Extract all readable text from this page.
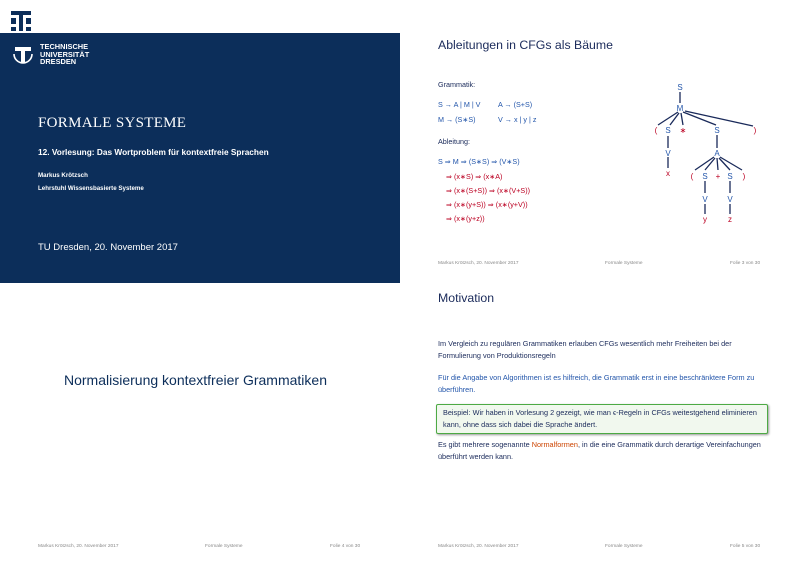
TECHNISCHE
UNIVERSITÄT
DRESDEN
TECHNISCHE
UNIVERSITÄT
DRESDEN
FORMALE SYSTEME
12. Vorlesung: Das Wortproblem für kontextfreie Sprachen
Markus Krötzsch
Lehrstuhl Wissensbasierte Systeme
TU Dresden, 20. November 2017
Ableitungen in CFGs als Bäume
Grammatik:
S → A | M | V A → (S+S)
M → (S∗S)	V → x | y | z
Ableitung:
S ⇒ M ⇒ (S∗S) ⇒ (V∗S)
⇒ (x∗S) ⇒ (x∗A)
⇒ (x∗(S+S)) ⇒ (x∗(V+S))
⇒ (x∗(y+S)) ⇒ (x∗(y+V))
⇒ (x∗(y+z))
S
M
( S ∗	S	)
V
x
A
( S + S )
V V
y	z
Markus Krötzsch, 20. November 2017	Formale Systeme	Folie 3 von 30
Normalisierung kontextfreier Grammatiken
Markus Krötzsch, 20. November 2017	Formale Systeme	Folie 4 von 30
Motivation
Im Vergleich zu regulären Grammatiken erlauben CFGs wesentlich mehr Freiheiten bei der Formulierung von Produktionsregeln
Für die Angabe von Algorithmen ist es hilfreich, die Grammatik erst in eine beschränktere Form zu überführen.
Beispiel: Wir haben in Vorlesung 2 gezeigt, wie man ϵ-Regeln in CFGs weitestgehend eliminieren kann, ohne dass sich dabei die Sprache ändert.
Es gibt mehrere sogenannte Normalformen, in die eine Grammatik durch derartige Vereinfachungen überführt werden kann.
Markus Krötzsch, 20. November 2017	Formale Systeme	Folie 5 von 30
